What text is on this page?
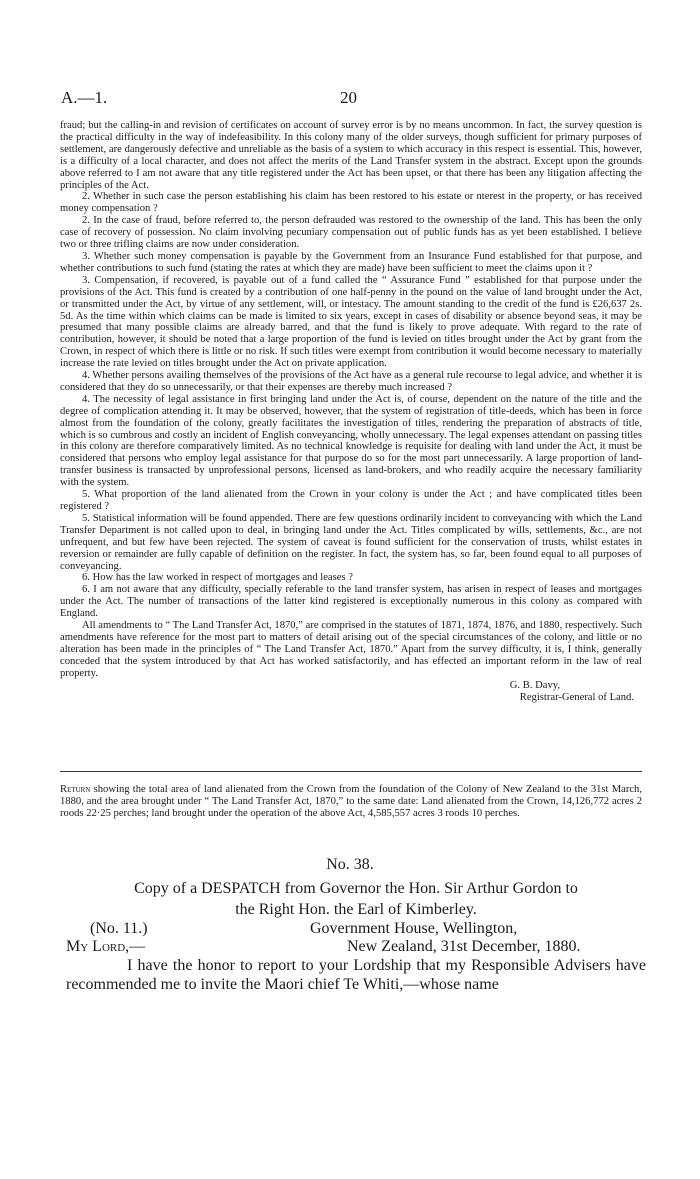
A.—1.	20

fraud; but the calling-in and revision of certificates on account of survey error is by no means uncommon. In fact, the survey question is the practical difficulty in the way of indefeasibility. In this colony many of the older surveys, though sufficient for primary purposes of settlement, are dangerously defective and unreliable as the basis of a system to which accuracy in this respect is essential. This, however, is a difficulty of a local character, and does not affect the merits of the Land Transfer system in the abstract. Except upon the grounds above referred to I am not aware that any title registered under the Act has been upset, or that there has been any litigation affecting the principles of the Act.

2. Whether in such case the person establishing his claim has been restored to his estate or nterest in the property, or has received money compensation ?

2. In the case of fraud, before referred to, the person defrauded was restored to the ownership of the land. This has been the only case of recovery of possession. No claim involving pecuniary compensation out of public funds has as yet been established. I believe two or three trifling claims are now under consideration.

3. Whether such money compensation is payable by the Government from an Insurance Fund established for that purpose, and whether contributions to such fund (stating the rates at which they are made) have been sufficient to meet the claims upon it ?

3. Compensation, if recovered, is payable out of a fund called the “ Assurance Fund ” established for that purpose under the provisions of the Act. This fund is created by a contribution of one half-penny in the pound on the value of land brought under the Act, or transmitted under the Act, by virtue of any settlement, will, or intestacy. The amount standing to the credit of the fund is £26,637 2s. 5d. As the time within which claims can be made is limited to six years, except in cases of disability or absence beyond seas, it may be presumed that many possible claims are already barred, and that the fund is likely to prove adequate. With regard to the rate of contribution, however, it should be noted that a large proportion of the fund is levied on titles brought under the Act by grant from the Crown, in respect of which there is little or no risk. If such titles were exempt from contribution it would become necessary to materially increase the rate levied on titles brought under the Act on private application.

4. Whether persons availing themselves of the provisions of the Act have as a general rule recourse to legal advice, and whether it is considered that they do so unnecessarily, or that their expenses are thereby much increased ?

4. The necessity of legal assistance in first bringing land under the Act is, of course, dependent on the nature of the title and the degree of complication attending it. It may be observed, however, that the system of registration of title-deeds, which has been in force almost from the foundation of the colony, greatly facilitates the investigation of titles, rendering the preparation of abstracts of title, which is so cumbrous and costly an incident of English conveyancing, wholly unnecessary. The legal expenses attendant on passing titles in this colony are therefore comparatively limited. As no technical knowledge is requisite for dealing with land under the Act, it must be considered that persons who employ legal assistance for that purpose do so for the most part unnecessarily. A large proportion of land-transfer business is transacted by unprofessional persons, licensed as land-brokers, and who readily acquire the necessary familiarity with the system.

5. What proportion of the land alienated from the Crown in your colony is under the Act ; and have complicated titles been registered ?

5. Statistical information will be found appended. There are few questions ordinarily incident to conveyancing with which the Land Transfer Department is not called upon to deal, in bringing land under the Act. Titles complicated by wills, settlements, &c., are not unfrequent, and but few have been rejected. The system of caveat is found sufficient for the conservation of trusts, whilst estates in reversion or remainder are fully capable of definition on the register. In fact, the system has, so far, been found equal to all purposes of conveyancing.

6. How has the law worked in respect of mortgages and leases ?

6. I am not aware that any difficulty, specially referable to the land transfer system, has arisen in respect of leases and mortgages under the Act. The number of transactions of the latter kind registered is exceptionally numerous in this colony as compared with England.

All amendments to “ The Land Transfer Act, 1870,” are comprised in the statutes of 1871, 1874, 1876, and 1880, respectively. Such amendments have reference for the most part to matters of detail arising out of the special circumstances of the colony, and little or no alteration has been made in the principles of “ The Land Transfer Act, 1870.” Apart from the survey difficulty, it is, I think, generally conceded that the system introduced by that Act has worked satisfactorily, and has effected an important reform in the law of real property.

G. B. Davy,

Registrar-General of Land.

Return showing the total area of land alienated from the Crown from the foundation of the Colony of New Zealand to the 31st March, 1880, and the area brought under “ The Land Transfer Act, 1870,” to the same date: Land alienated from the Crown, 14,126,772 acres 2 roods 22·25 perches; land brought under the operation of the above Act, 4,585,557 acres 3 roods 10 perches.

No. 38.
Copy of a DESPATCH from Governor the Hon. Sir Arthur Gordon to
the Right Hon. the Earl of Kimberley.
(No. 11.)	Government House, Wellington,
My Lord,—	New Zealand, 31st December, 1880.

I have the honor to report to your Lordship that my Responsible Advisers have recommended me to invite the Maori chief Te Whiti,—whose name
